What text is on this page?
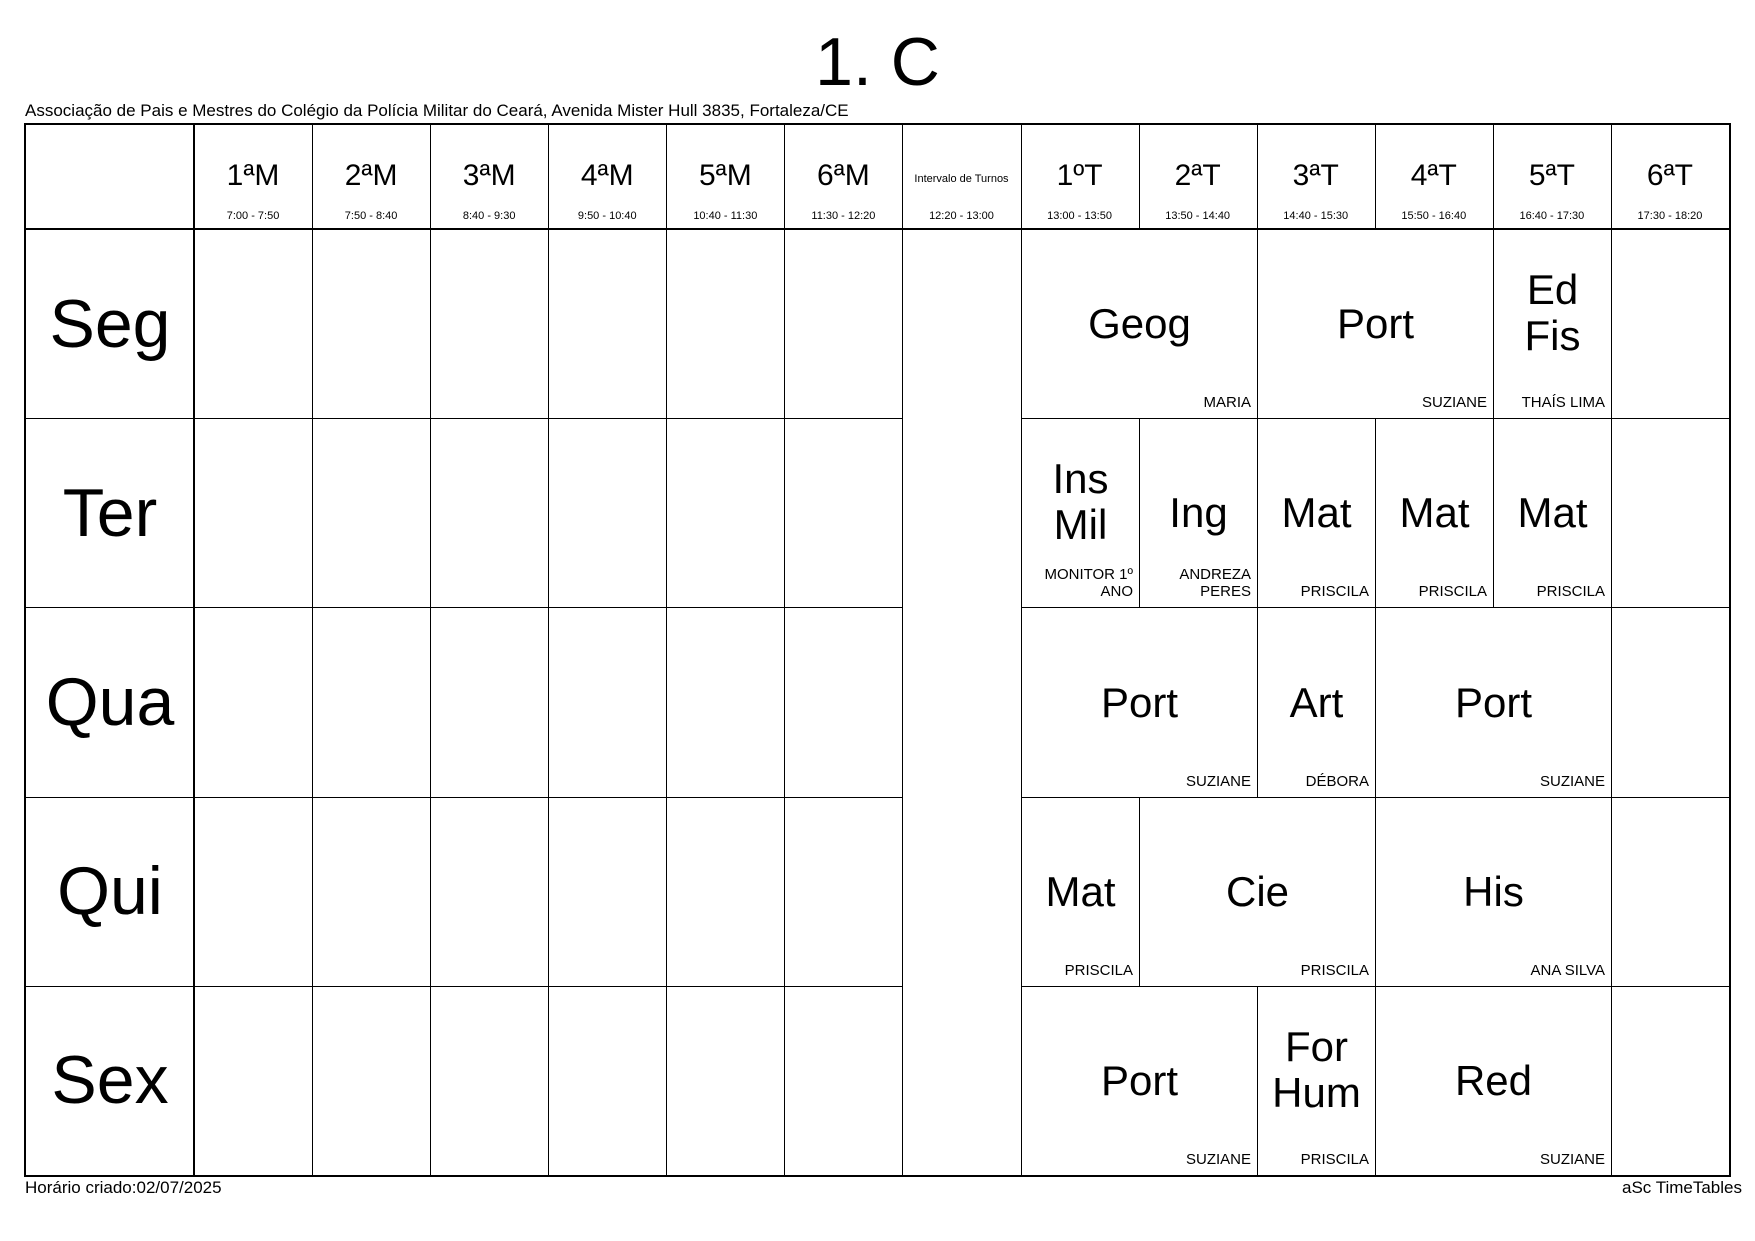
1. C
Associação de Pais e Mestres do Colégio da Polícia Militar do Ceará, Avenida Mister Hull 3835, Fortaleza/CE
1ªM
7:00 - 7:50
2ªM
7:50 - 8:40
3ªM
8:40 - 9:30
4ªM
9:50 - 10:40
5ªM
10:40 - 11:30
6ªM
11:30 - 12:20
Intervalo de Turnos
12:20 - 13:00
1ºT
13:00 - 13:50
2ªT
13:50 - 14:40
3ªT
14:40 - 15:30
4ªT
15:50 - 16:40
5ªT
16:40 - 17:30
6ªT
17:30 - 18:20
Seg
Ter
Qua
Qui
Sex
Geog
MARIA
Port
SUZIANE
Ed
Fis
THAÍS LIMA
Ins
Mil
MONITOR 1º ANO
Ing
ANDREZA PERES
Mat
PRISCILA
Mat
PRISCILA
Mat
PRISCILA
Port
SUZIANE
Art
DÉBORA
Port
SUZIANE
Mat
PRISCILA
Cie
PRISCILA
His
ANA SILVA
Port
SUZIANE
For
Hum
PRISCILA
Red
SUZIANE
Horário criado:02/07/2025	aSc TimeTables
